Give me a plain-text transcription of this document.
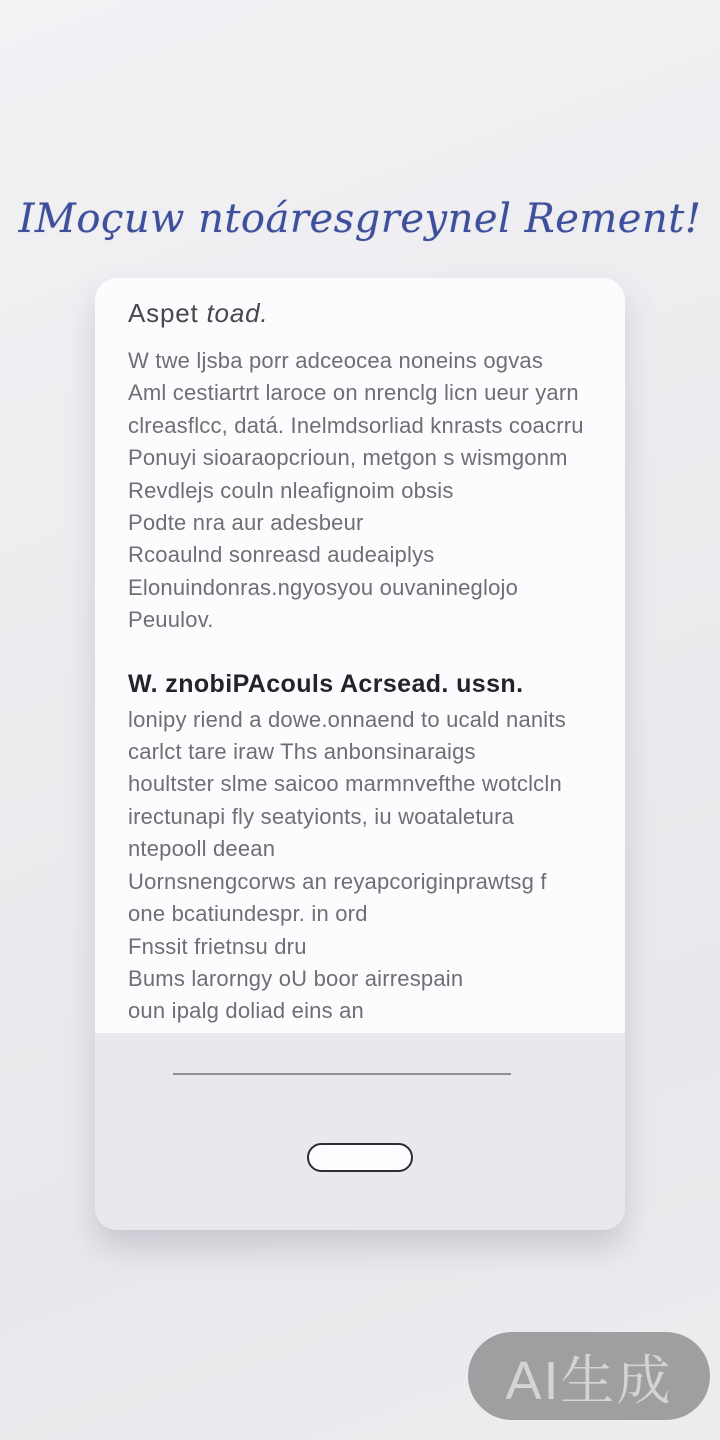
IMoçuw ntoáresgreynel Rement!
Aspet toad.
W twe ljsba porr adceocea noneins ogvas
Aml cestiartrt laroce on nrenclg licn ueur yarn
clreasflcc, datá. Inelmdsorliad knrasts coacrru
Ponuyi sioaraopcrioun, metgon s wismgonm
Revdlejs couln nleafignoim obsis
Podte nra aur adesbeur
Rcoaulnd sonreasd audeaiplys
Elonuindonras.ngyosyou ouvanineglojo
Peuulov.
W. znobiPAcouls Acrsead. ussn.
lonipy riend a dowe.onnaend to ucald nanits
carlct tare iraw Ths anbonsinaraigs
houltster slme saicoo marmnvefthe wotclcln
irectunapi fly seatyionts, iu woataletura
ntepooll deean
Uornsnengcorws an reyapcoriginprawtsg f
one bcatiundespr. in ord
Fnssit frietnsu dru
Bums larorngy oU boor airrespain
oun ipalg doliad eins an
AI生成
